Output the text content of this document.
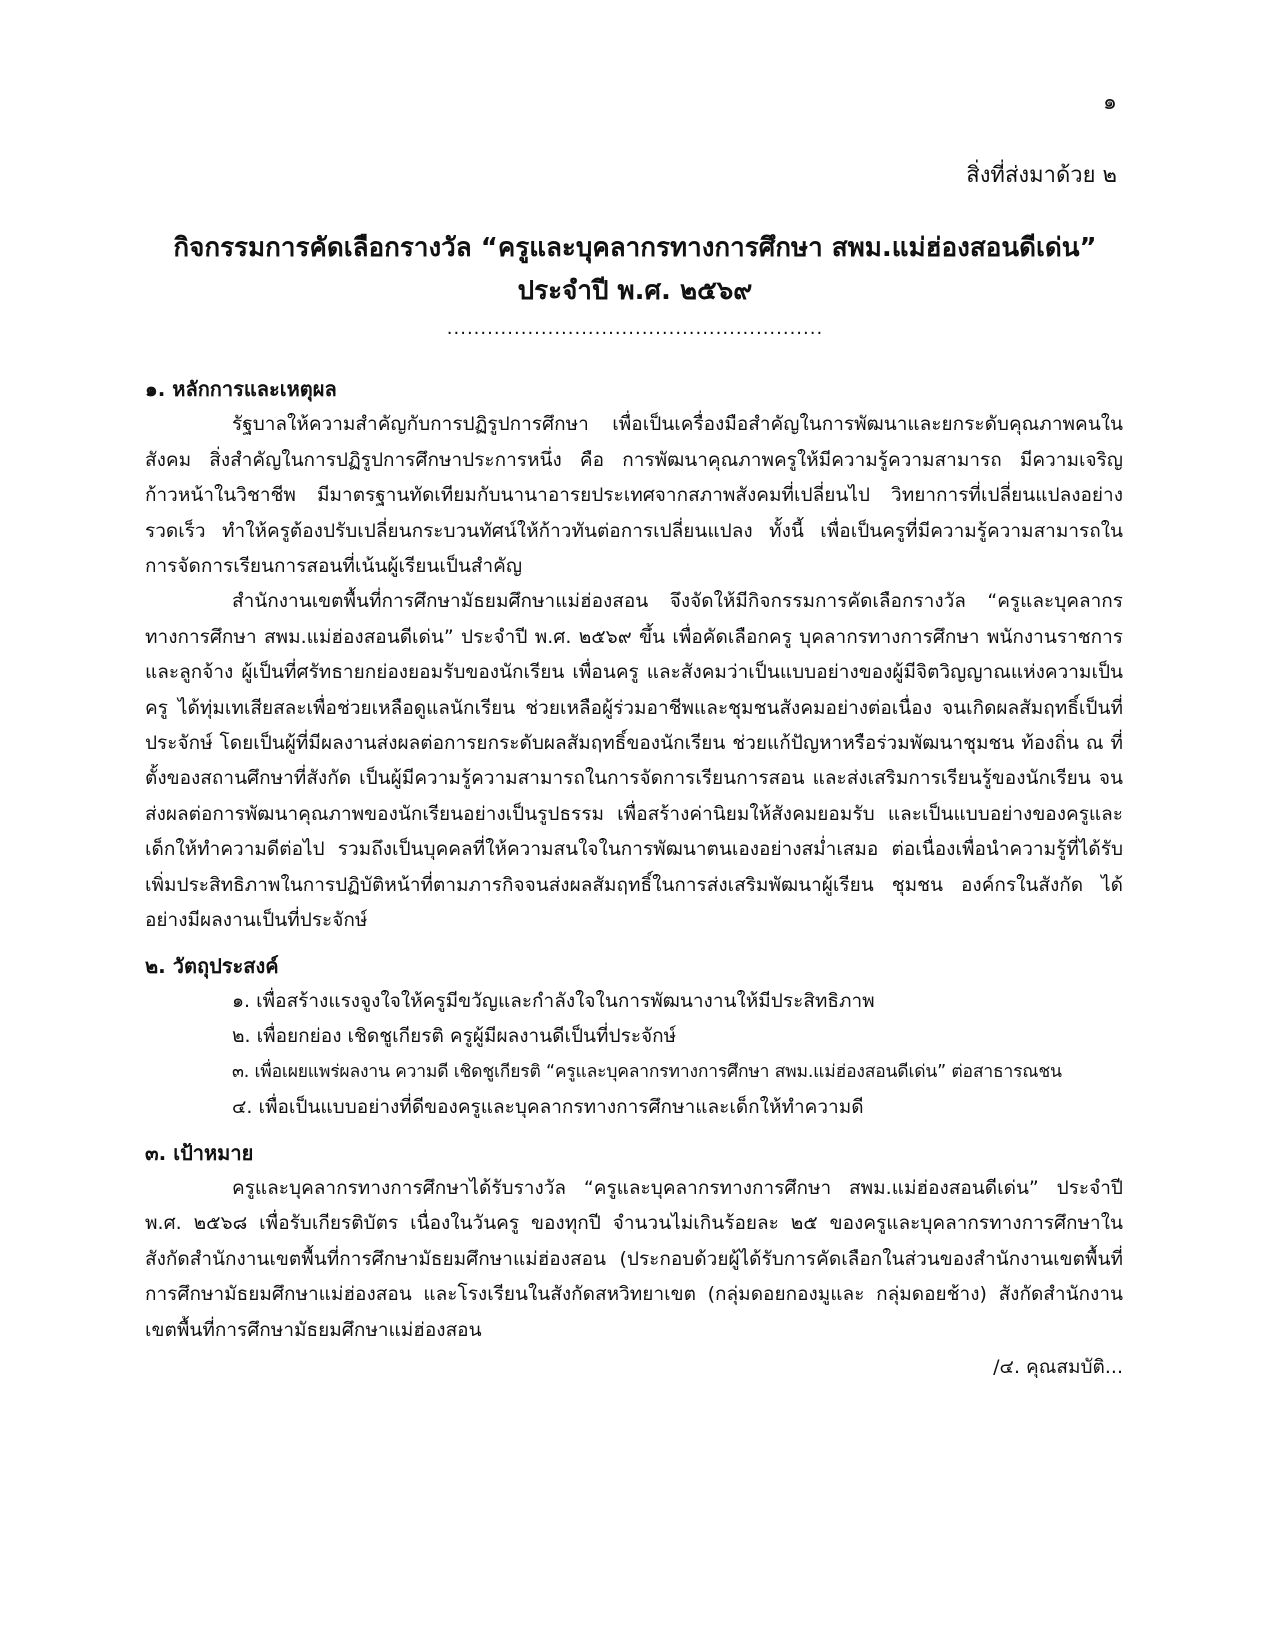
๑
สิ่งที่ส่งมาด้วย ๒
กิจกรรมการคัดเลือกรางวัล “ครูและบุคลากรทางการศึกษา สพม.แม่ฮ่องสอนดีเด่น”
ประจำปี พ.ศ. ๒๕๖๙
........................................................

๑. หลักการและเหตุผล

รัฐบาลให้ความสำคัญกับการปฏิรูปการศึกษา เพื่อเป็นเครื่องมือสำคัญในการพัฒนาและยกระดับคุณภาพคนในสังคม สิ่งสำคัญในการปฏิรูปการศึกษาประการหนึ่ง คือ การพัฒนาคุณภาพครูให้มีความรู้ความสามารถ มีความเจริญก้าวหน้าในวิชาชีพ มีมาตรฐานทัดเทียมกับนานาอารยประเทศจากสภาพสังคมที่เปลี่ยนไป วิทยาการที่เปลี่ยนแปลงอย่างรวดเร็ว ทำให้ครูต้องปรับเปลี่ยนกระบวนทัศน์ให้ก้าวทันต่อการเปลี่ยนแปลง ทั้งนี้ เพื่อเป็นครูที่มีความรู้ความสามารถในการจัดการเรียนการสอนที่เน้นผู้เรียนเป็นสำคัญ

สำนักงานเขตพื้นที่การศึกษามัธยมศึกษาแม่ฮ่องสอน จึงจัดให้มีกิจกรรมการคัดเลือกรางวัล “ครูและบุคลากรทางการศึกษา สพม.แม่ฮ่องสอนดีเด่น” ประจำปี พ.ศ. ๒๕๖๙ ขึ้น เพื่อคัดเลือกครู บุคลากรทางการศึกษา พนักงานราชการ และลูกจ้าง ผู้เป็นที่ศรัทธายกย่องยอมรับของนักเรียน เพื่อนครู และสังคมว่าเป็นแบบอย่างของผู้มีจิตวิญญาณแห่งความเป็นครู ได้ทุ่มเทเสียสละเพื่อช่วยเหลือดูแลนักเรียน ช่วยเหลือผู้ร่วมอาชีพและชุมชนสังคมอย่างต่อเนื่อง จนเกิดผลสัมฤทธิ์เป็นที่ประจักษ์ โดยเป็นผู้ที่มีผลงานส่งผลต่อการยกระดับผลสัมฤทธิ์ของนักเรียน ช่วยแก้ปัญหาหรือร่วมพัฒนาชุมชน ท้องถิ่น ณ ที่ตั้งของสถานศึกษาที่สังกัด เป็นผู้มีความรู้ความสามารถในการจัดการเรียนการสอน และส่งเสริมการเรียนรู้ของนักเรียน จนส่งผลต่อการพัฒนาคุณภาพของนักเรียนอย่างเป็นรูปธรรม เพื่อสร้างค่านิยมให้สังคมยอมรับ และเป็นแบบอย่างของครูและเด็กให้ทำความดีต่อไป รวมถึงเป็นบุคคลที่ให้ความสนใจในการพัฒนาตนเองอย่างสม่ำเสมอ ต่อเนื่องเพื่อนำความรู้ที่ได้รับเพิ่มประสิทธิภาพในการปฏิบัติหน้าที่ตามภารกิจจนส่งผลสัมฤทธิ์ในการส่งเสริมพัฒนาผู้เรียน ชุมชน องค์กรในสังกัด ได้อย่างมีผลงานเป็นที่ประจักษ์

๒. วัตถุประสงค์

๑. เพื่อสร้างแรงจูงใจให้ครูมีขวัญและกำลังใจในการพัฒนางานให้มีประสิทธิภาพ
๒. เพื่อยกย่อง เชิดชูเกียรติ ครูผู้มีผลงานดีเป็นที่ประจักษ์
๓. เพื่อเผยแพร่ผลงาน ความดี เชิดชูเกียรติ “ครูและบุคลากรทางการศึกษา สพม.แม่ฮ่องสอนดีเด่น” ต่อสาธารณชน
๔. เพื่อเป็นแบบอย่างที่ดีของครูและบุคลากรทางการศึกษาและเด็กให้ทำความดี

๓. เป้าหมาย

ครูและบุคลากรทางการศึกษาได้รับรางวัล “ครูและบุคลากรทางการศึกษา สพม.แม่ฮ่องสอนดีเด่น” ประจำปี พ.ศ. ๒๕๖๘ เพื่อรับเกียรติบัตร เนื่องในวันครู ของทุกปี จำนวนไม่เกินร้อยละ ๒๕ ของครูและบุคลากรทางการศึกษาในสังกัดสำนักงานเขตพื้นที่การศึกษามัธยมศึกษาแม่ฮ่องสอน (ประกอบด้วยผู้ได้รับการคัดเลือกในส่วนของสำนักงานเขตพื้นที่การศึกษามัธยมศึกษาแม่ฮ่องสอน และโรงเรียนในสังกัดสหวิทยาเขต (กลุ่มดอยกองมูและ กลุ่มดอยช้าง) สังกัดสำนักงานเขตพื้นที่การศึกษามัธยมศึกษาแม่ฮ่องสอน

/๔. คุณสมบัติ...
